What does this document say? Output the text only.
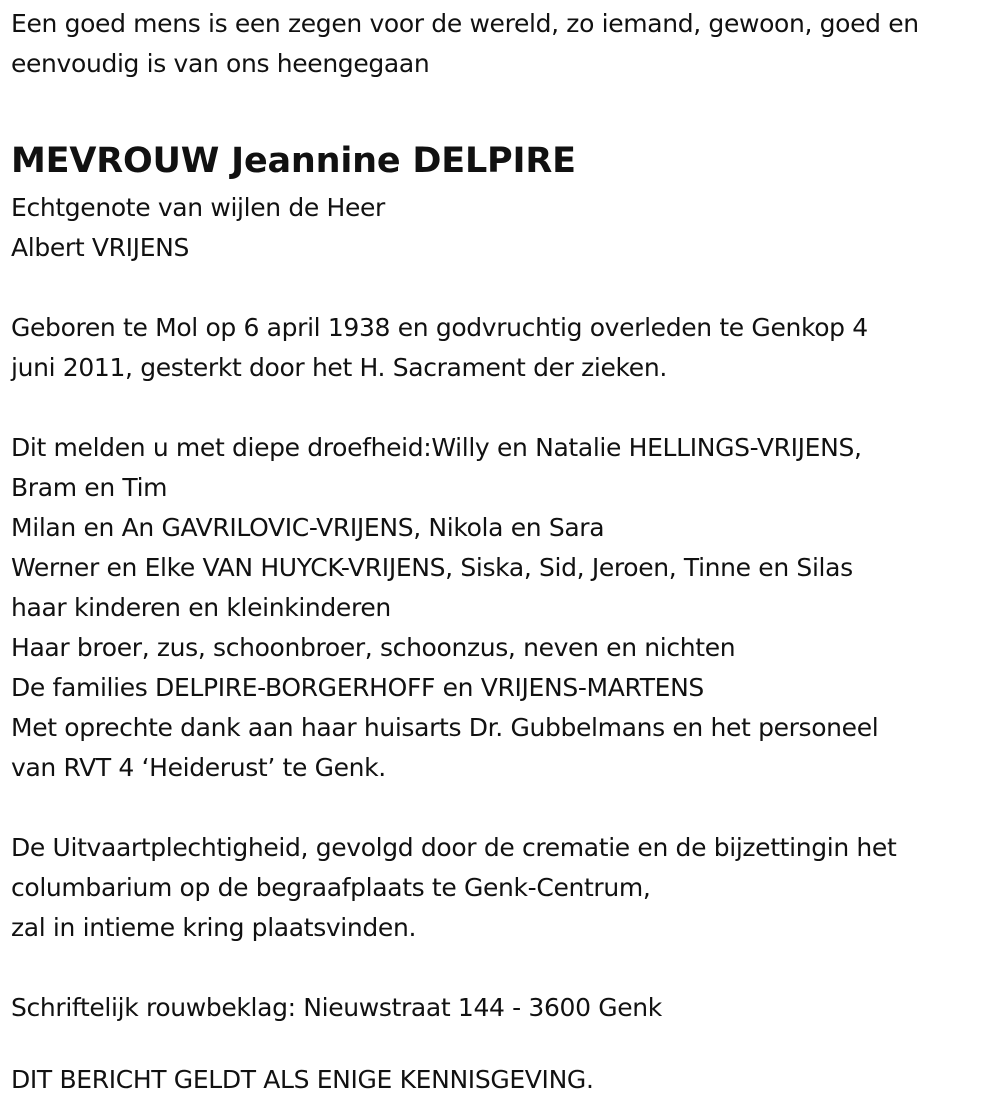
Een goed mens is een zegen voor de wereld, zo iemand, gewoon, goed en
eenvoudig is van ons heengegaan
MEVROUW Jeannine DELPIRE
Echtgenote van wijlen de Heer
Albert VRIJENS
Geboren te Mol op 6 april 1938 en godvruchtig overleden te Genkop 4
juni 2011, gesterkt door het H. Sacrament der zieken.
Dit melden u met diepe droefheid:Willy en Natalie HELLINGS-VRIJENS,
Bram en Tim
Milan en An GAVRILOVIC-VRIJENS, Nikola en Sara
Werner en Elke VAN HUYCK-VRIJENS, Siska, Sid, Jeroen, Tinne en Silas
haar kinderen en kleinkinderen
Haar broer, zus, schoonbroer, schoonzus, neven en nichten
De families DELPIRE-BORGERHOFF en VRIJENS-MARTENS
Met oprechte dank aan haar huisarts Dr. Gubbelmans en het personeel
van RVT 4 ‘Heiderust’ te Genk.
De Uitvaartplechtigheid, gevolgd door de crematie en de bijzettingin het
columbarium op de begraafplaats te Genk-Centrum,
zal in intieme kring plaatsvinden.
Schriftelijk rouwbeklag: Nieuwstraat 144 - 3600 Genk
DIT BERICHT GELDT ALS ENIGE KENNISGEVING.
